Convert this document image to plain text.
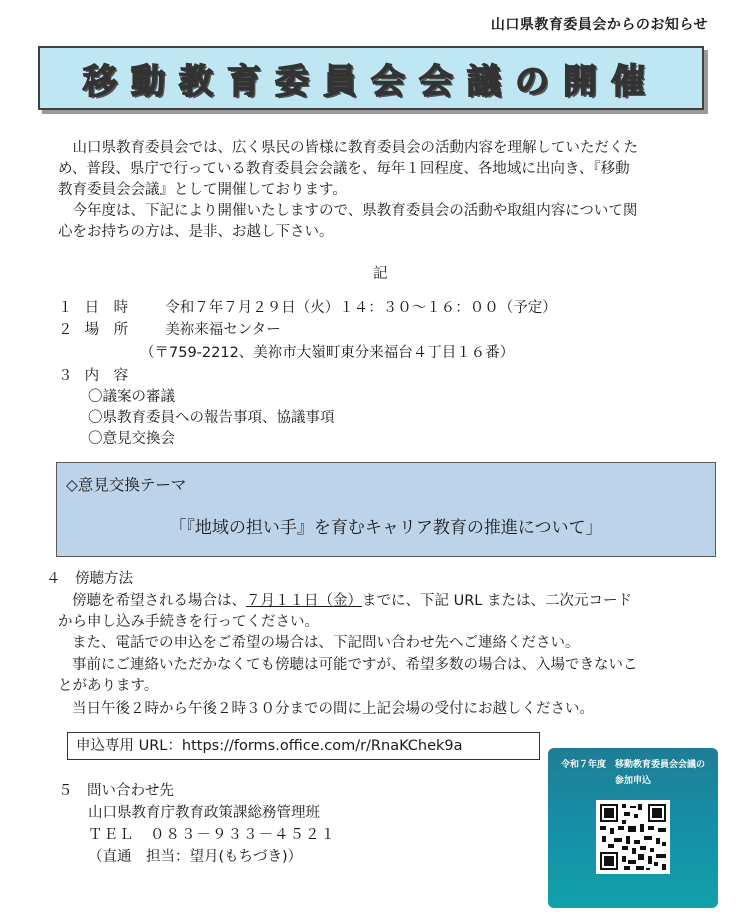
山口県教育委員会からのお知らせ
移動教育委員会会議の開催

山口県教育委員会では、広く県民の皆様に教育委員会の活動内容を理解していただくた

め、普段、県庁で行っている教育委員会会議を、毎年１回程度、各地域に出向き、『移動
教育委員会会議』として開催しております。

今年度は、下記により開催いたしますので、県教育委員会の活動や取組内容について関

心をお持ちの方は、是非、お越し下さい。
記
１ 日　時	令和７年７月２９日（火）１４：３０～１６：００（予定）
２ 場　所	美祢来福センター
（〒759-2212、美祢市大嶺町東分来福台４丁目１６番）
３ 内　容
〇議案の審議
〇県教育委員への報告事項、協議事項
〇意見交換会
◇意見交換テーマ
「『地域の担い手』を育むキャリア教育の推進について」
４　傍聴方法
傍聴を希望される場合は、７月１１日（金）までに、下記 URL または、二次元コード
から申し込み手続きを行ってください。
また、電話での申込をご希望の場合は、下記問い合わせ先へご連絡ください。
事前にご連絡いただかなくても傍聴は可能ですが、希望多数の場合は、入場できないこ
とがあります。
当日午後２時から午後２時３０分までの間に上記会場の受付にお越しください。
申込専用 URL：https://forms.office.com/r/RnaKChek9a
５　問い合わせ先
山口県教育庁教育政策課総務管理班
ＴＥＬ　０８３－９３３－４５２１
（直通　担当：望月(もちづき)）
令和７年度　移動教育委員会会議の
参加申込
